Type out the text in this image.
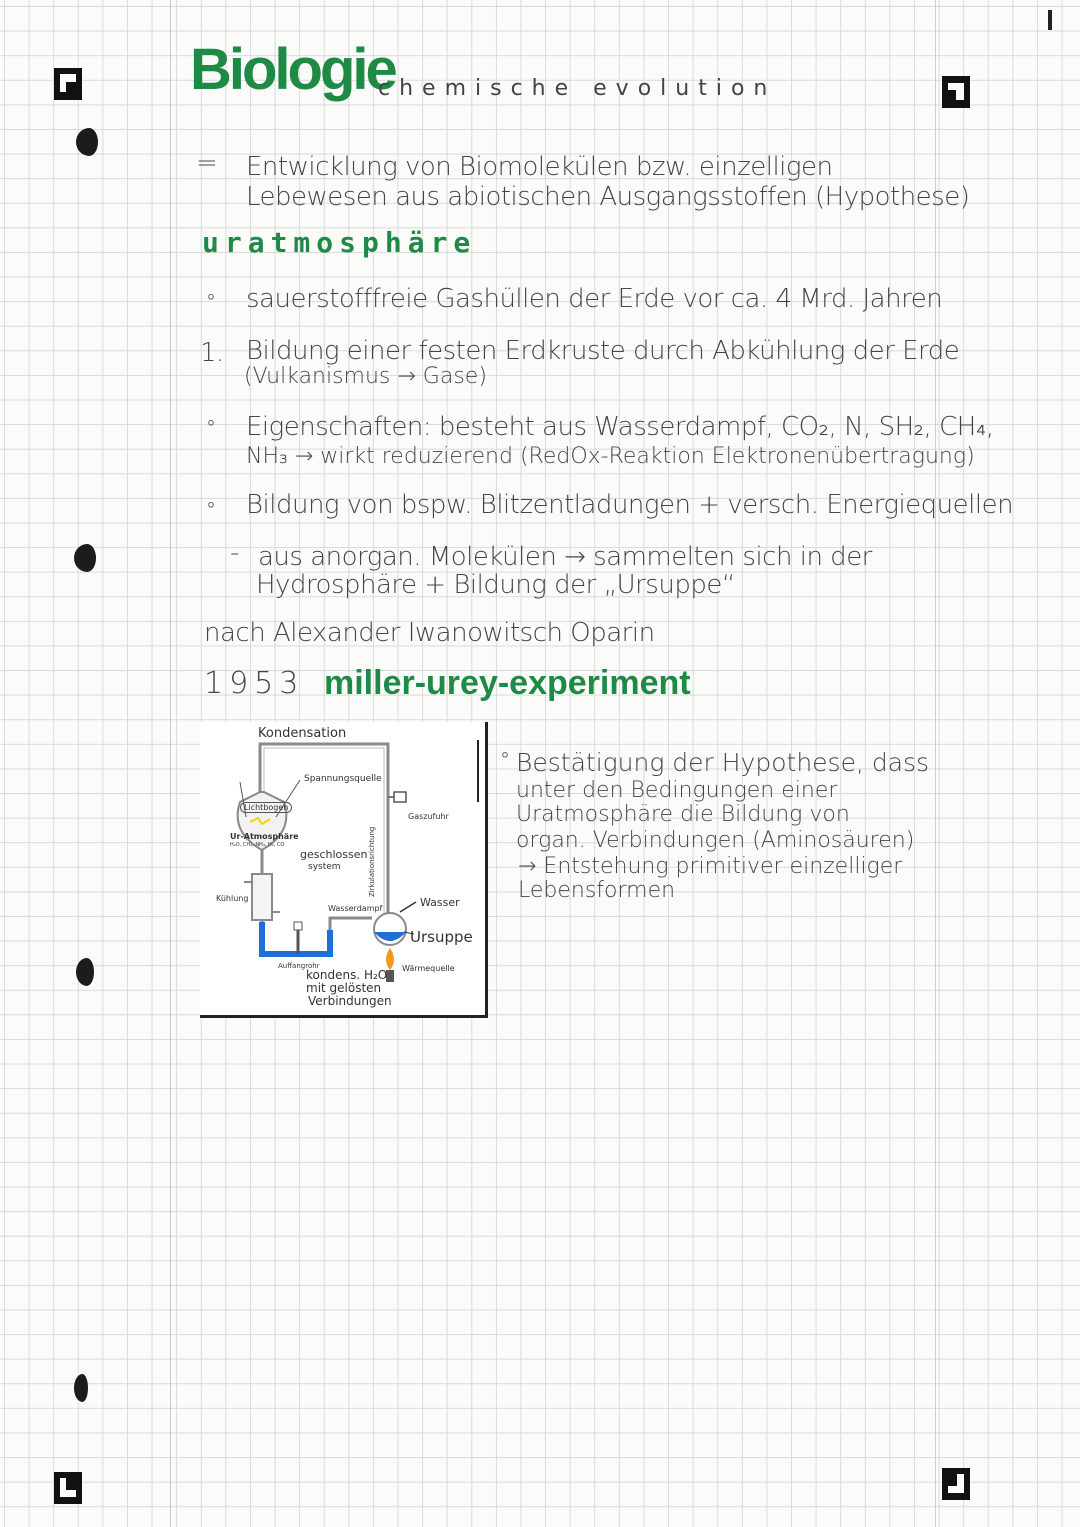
Biologie
chemische evolution
= Entwicklung von Biomolekülen bzw. einzelligen
Lebewesen aus abiotischen Ausgangsstoffen (Hypothese)
uratmosphäre
° sauerstofffreie Gashüllen der Erde vor ca. 4 Mrd. Jahren
1. Bildung einer festen Erdkruste durch Abkühlung der Erde
(Vulkanismus → Gase)
° Eigenschaften: besteht aus Wasserdampf, CO₂, N, SH₂, CH₄,
NH₃ → wirkt reduzierend (RedOx-Reaktion Elektronenübertragung)
° Bildung von bspw. Blitzentladungen + versch. Energiequellen
- aus anorgan. Molekülen → sammelten sich in der
Hydrosphäre + Bildung der „Ursuppe“
nach Alexander Iwanowitsch Oparin
1953 miller-urey-experiment
Kondensation
Spannungsquelle
Lichtbogen
Ur-Atmosphäre
H₂O, CH₄, NH₃, H₂, CO
geschlossen
system	Zirkulationsrichtung
Gaszufuhr
Kühlung
Wasserdampf	Wasser
Ursuppe
Auffangrohr	Wärmequelle
kondens. H₂O
mit gelösten
Verbindungen
° Bestätigung der Hypothese, dass
unter den Bedingungen einer
Uratmosphäre die Bildung von
organ. Verbindungen (Aminosäuren)
→ Entstehung primitiver einzelliger
Lebensformen
